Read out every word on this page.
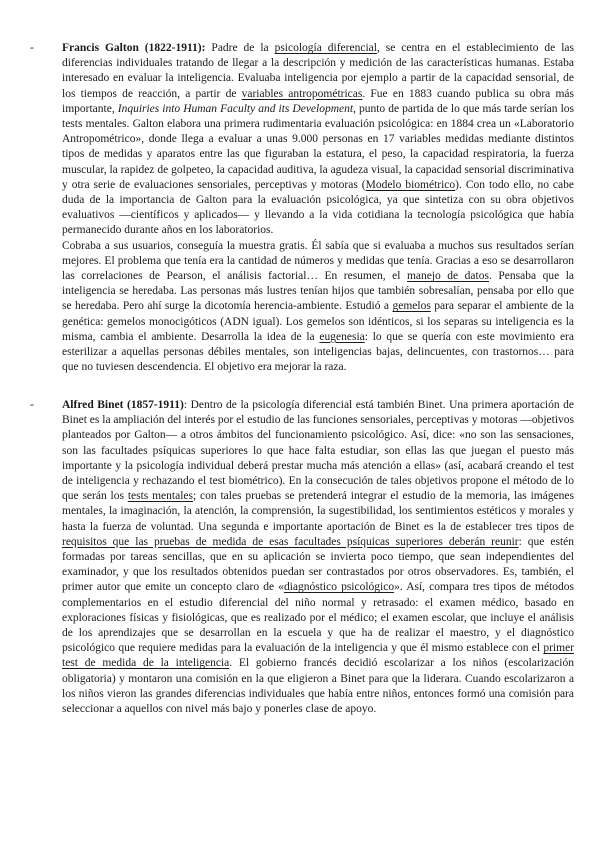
- Francis Galton (1822-1911): Padre de la psicología diferencial, se centra en el establecimiento de las diferencias individuales tratando de llegar a la descripción y medición de las características humanas. Estaba interesado en evaluar la inteligencia. Evaluaba inteligencia por ejemplo a partir de la capacidad sensorial, de los tiempos de reacción, a partir de variables antropométricas. Fue en 1883 cuando publica su obra más importante, Inquiries into Human Faculty and its Development, punto de partida de lo que más tarde serían los tests mentales. Galton elabora una primera rudimentaria evaluación psicológica: en 1884 crea un «Laboratorio Antropométrico», donde llega a evaluar a unas 9.000 personas en 17 variables medidas mediante distintos tipos de medidas y aparatos entre las que figuraban la estatura, el peso, la capacidad respiratoria, la fuerza muscular, la rapidez de golpeteo, la capacidad auditiva, la agudeza visual, la capacidad sensorial discriminativa y otra serie de evaluaciones sensoriales, perceptivas y motoras (Modelo biométrico). Con todo ello, no cabe duda de la importancia de Galton para la evaluación psicológica, ya que sintetiza con su obra objetivos evaluativos —científicos y aplicados— y llevando a la vida cotidiana la tecnología psicológica que había permanecido durante años en los laboratorios.

Cobraba a sus usuarios, conseguía la muestra gratis. Él sabía que si evaluaba a muchos sus resultados serían mejores. El problema que tenía era la cantidad de números y medidas que tenía. Gracias a eso se desarrollaron las correlaciones de Pearson, el análisis factorial… En resumen, el manejo de datos. Pensaba que la inteligencia se heredaba. Las personas más lustres tenían hijos que también sobresalían, pensaba por ello que se heredaba. Pero ahí surge la dicotomía herencia-ambiente. Estudió a gemelos para separar el ambiente de la genética: gemelos monocigóticos (ADN igual). Los gemelos son idénticos, si los separas su inteligencia es la misma, cambia el ambiente. Desarrolla la idea de la eugenesia: lo que se quería con este movimiento era esterilizar a aquellas personas débiles mentales, son inteligencias bajas, delincuentes, con trastornos… para que no tuviesen descendencia. El objetivo era mejorar la raza.

- Alfred Binet (1857-1911): Dentro de la psicología diferencial está también Binet. Una primera aportación de Binet es la ampliación del interés por el estudio de las funciones sensoriales, perceptivas y motoras —objetivos planteados por Galton— a otros ámbitos del funcionamiento psicológico. Así, dice: «no son las sensaciones, son las facultades psíquicas superiores lo que hace falta estudiar, son ellas las que juegan el puesto más importante y la psicología individual deberá prestar mucha más atención a ellas» (así, acabará creando el test de inteligencia y rechazando el test biométrico). En la consecución de tales objetivos propone el método de lo que serán los tests mentales; con tales pruebas se pretenderá integrar el estudio de la memoria, las imágenes mentales, la imaginación, la atención, la comprensión, la sugestibilidad, los sentimientos estéticos y morales y hasta la fuerza de voluntad. Una segunda e importante aportación de Binet es la de establecer tres tipos de requisitos que las pruebas de medida de esas facultades psíquicas superiores deberán reunir: que estén formadas por tareas sencillas, que en su aplicación se invierta poco tiempo, que sean independientes del examinador, y que los resultados obtenidos puedan ser contrastados por otros observadores. Es, también, el primer autor que emite un concepto claro de «diagnóstico psicológico». Así, compara tres tipos de métodos complementarios en el estudio diferencial del niño normal y retrasado: el examen médico, basado en exploraciones físicas y fisiológicas, que es realizado por el médico; el examen escolar, que incluye el análisis de los aprendizajes que se desarrollan en la escuela y que ha de realizar el maestro, y el diagnóstico psicológico que requiere medidas para la evaluación de la inteligencia y que él mismo establece con el primer test de medida de la inteligencia. El gobierno francés decidió escolarizar a los niños (escolarización obligatoria) y montaron una comisión en la que eligieron a Binet para que la liderara. Cuando escolarizaron a los niños vieron las grandes diferencias individuales que había entre niños, entonces formó una comisión para seleccionar a aquellos con nivel más bajo y ponerles clase de apoyo.
